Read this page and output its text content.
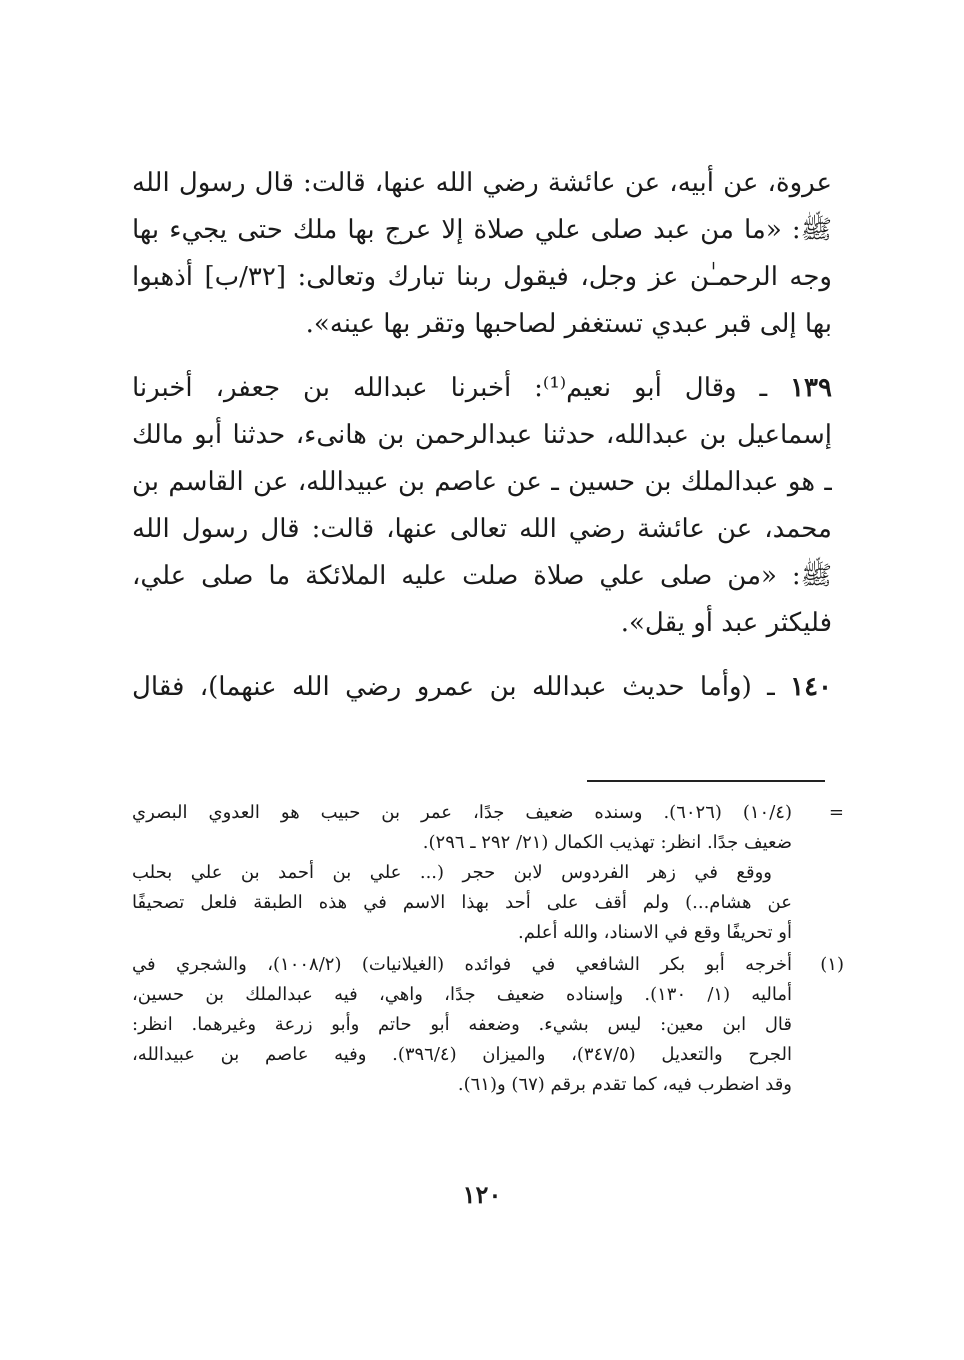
عروة، عن أبيه، عن عائشة رضي الله عنها، قالت: قال رسول الله
ﷺ: «ما من عبد صلى علي صلاة إلا عرج بها ملك حتى يجيء بها
وجه الرحمـٰن عز وجل، فيقول ربنا تبارك وتعالى: [٣٢/ب] أذهبوا
بها إلى قبر عبدي تستغفر لصاحبها وتقر بها عينه».
١٣٩ ـ وقال أبو نعيم⁽¹⁾: أخبرنا عبدالله بن جعفر، أخبرنا
إسماعيل بن عبدالله، حدثنا عبدالرحمن بن هانىء، حدثنا أبو مالك
ـ هو عبدالملك بن حسين ـ عن عاصم بن عبيدالله، عن القاسم بن
محمد، عن عائشة رضي الله تعالى عنها، قالت: قال رسول الله
ﷺ: «من صلى علي صلاة صلت عليه الملائكة ما صلى علي،
فليكثر عبد أو يقل».
١٤٠ ـ (وأما حديث عبدالله بن عمرو رضي الله عنهما)، فقال
=
(١٠/٤) (٦٠٢٦). وسنده ضعيف جدًا، عمر بن حبيب هو العدوي البصري
ضعيف جدًا. انظر: تهذيب الكمال (٢١/ ٢٩٢ ـ ٢٩٦).
ووقع في زهر الفردوس لابن حجر (... علي بن أحمد بن علي بحلب
عن هشام...) ولم أقف على أحد بهذا الاسم في هذه الطبقة فلعل تصحيفًا
أو تحريفًا وقع في الاسناد، والله أعلم.
(١)
أخرجه أبو بكر الشافعي في فوائده (الغيلانيات) (١٠٠٨/٢)، والشجري في
أماليه (١/ ١٣٠). وإسناده ضعيف جدًا، واهي، فيه عبدالملك بن حسين،
قال ابن معين: ليس بشيء. وضعفه أبو حاتم وأبو زرعة وغيرهما. انظر:
الجرح والتعديل (٣٤٧/٥)، والميزان (٣٩٦/٤). وفيه عاصم بن عبيدالله،
وقد اضطرب فيه، كما تقدم برقم (٦٧) و(٦١).
١٢٠
